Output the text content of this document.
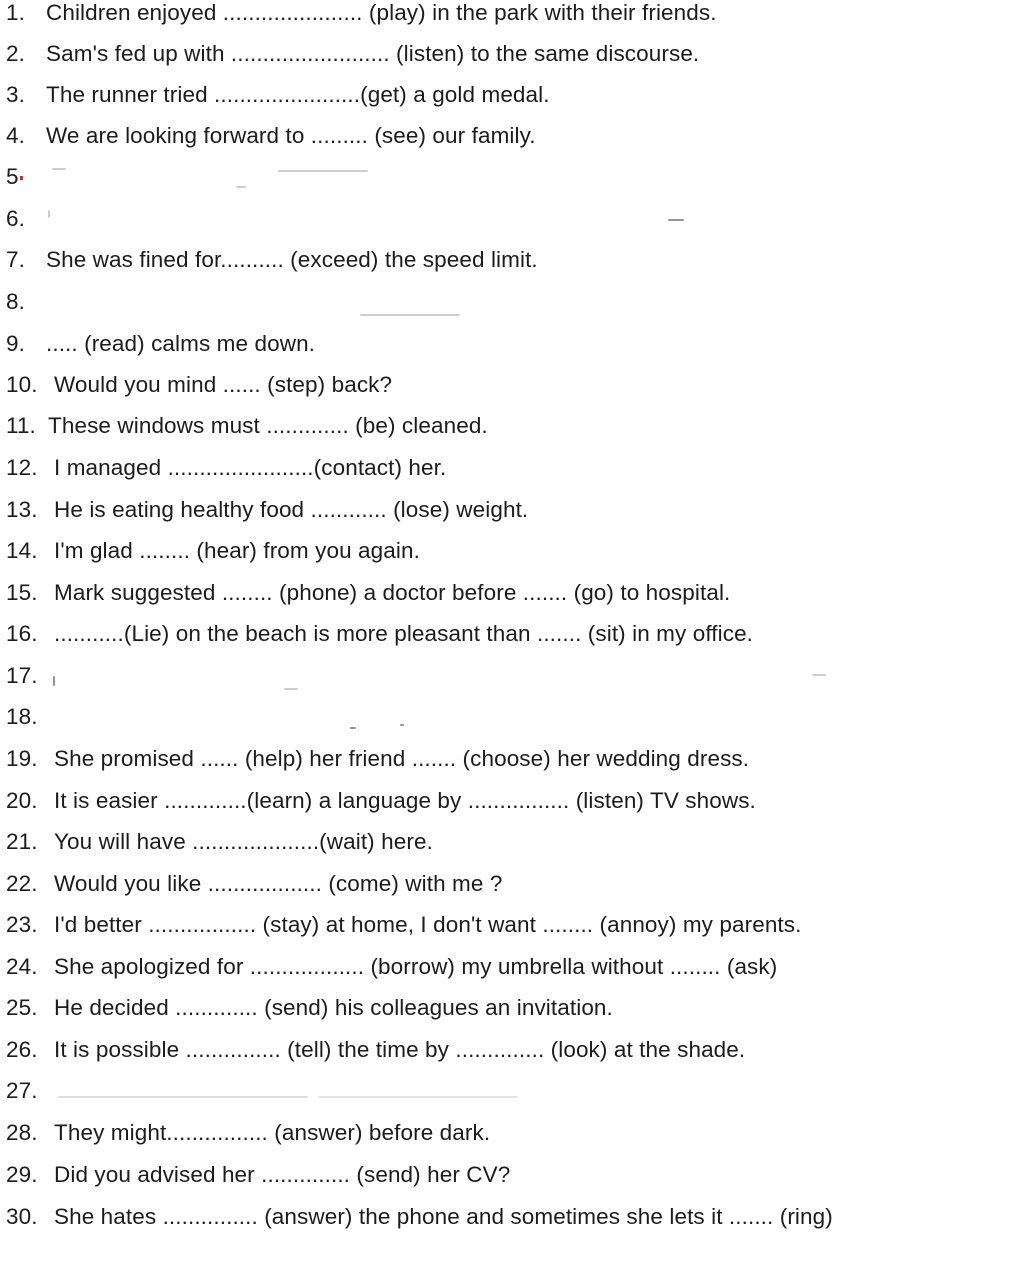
1. Children enjoyed ...................... (play) in the park with their friends.
2. Sam's fed up with ......................... (listen) to the same discourse.
3. The runner tried .......................(get) a gold medal.
4. We are looking forward to ......... (see) our family.
5
6.
7. She was fined for.......... (exceed) the speed limit.
8.
9. ..... (read) calms me down.
10. Would you mind ...... (step) back?
11. These windows must ............. (be) cleaned.
12. I managed .......................(contact) her.
13. He is eating healthy food ............ (lose) weight.
14. I'm glad ........ (hear) from you again.
15. Mark suggested ........ (phone) a doctor before ....... (go) to hospital.
16. ...........(Lie) on the beach is more pleasant than ....... (sit) in my office.
17.
18.
19. She promised ...... (help) her friend ....... (choose) her wedding dress.
20. It is easier .............(learn) a language by ................ (listen) TV shows.
21. You will have ....................(wait) here.
22. Would you like .................. (come) with me ?
23. I'd better ................. (stay) at home, I don't want ........ (annoy) my parents.
24. She apologized for .................. (borrow) my umbrella without ........ (ask)
25. He decided ............. (send) his colleagues an invitation.
26. It is possible ............... (tell) the time by .............. (look) at the shade.
27.
28. They might................ (answer) before dark.
29. Did you advised her .............. (send) her CV?
30. She hates ............... (answer) the phone and sometimes she lets it ....... (ring)
